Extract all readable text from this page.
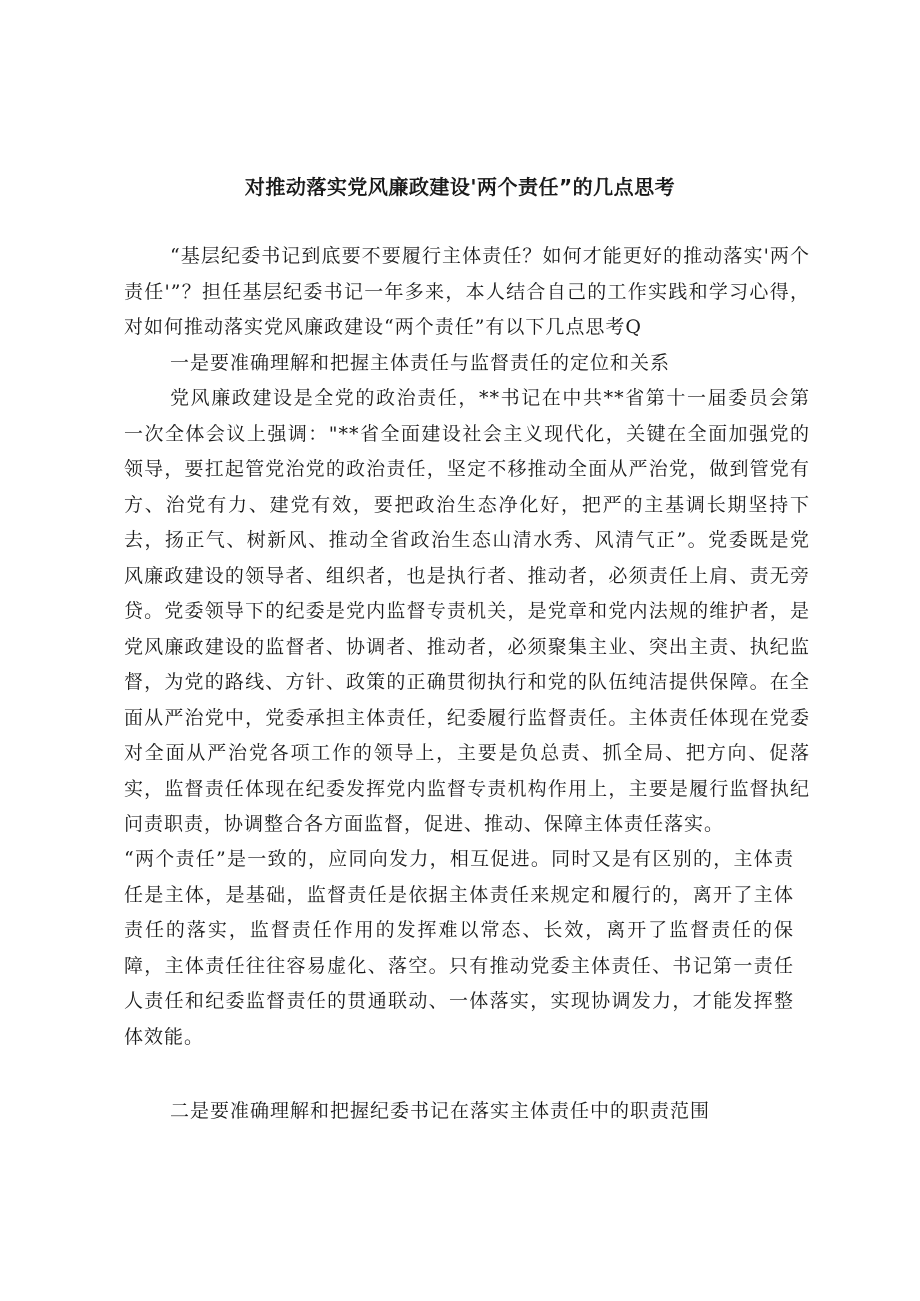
对推动落实党风廉政建设'两个责任”的几点思考

“基层纪委书记到底要不要履行主体责任？如何才能更好的推动落实'两个责任'”？担任基层纪委书记一年多来，本人结合自己的工作实践和学习心得，对如何推动落实党风廉政建设“两个责任”有以下几点思考Q

一是要准确理解和把握主体责任与监督责任的定位和关系

党风廉政建设是全党的政治责任，**书记在中共**省第十一届委员会第一次全体会议上强调："**省全面建设社会主义现代化，关键在全面加强党的领导，要扛起管党治党的政治责任，坚定不移推动全面从严治党，做到管党有方、治党有力、建党有效，要把政治生态净化好，把严的主基调长期坚持下去，扬正气、树新风、推动全省政治生态山清水秀、风清气正”。党委既是党风廉政建设的领导者、组织者，也是执行者、推动者，必须责任上肩、责无旁贷。党委领导下的纪委是党内监督专责机关，是党章和党内法规的维护者，是党风廉政建设的监督者、协调者、推动者，必须聚集主业、突出主责、执纪监督，为党的路线、方针、政策的正确贯彻执行和党的队伍纯洁提供保障。在全面从严治党中，党委承担主体责任，纪委履行监督责任。主体责任体现在党委对全面从严治党各项工作的领导上，主要是负总责、抓全局、把方向、促落实，监督责任体现在纪委发挥党内监督专责机构作用上，主要是履行监督执纪问责职责，协调整合各方面监督，促进、推动、保障主体责任落实。

“两个责任”是一致的，应同向发力，相互促进。同时又是有区别的，主体责任是主体，是基础，监督责任是依据主体责任来规定和履行的，离开了主体责任的落实，监督责任作用的发挥难以常态、长效，离开了监督责任的保障，主体责任往往容易虚化、落空。只有推动党委主体责任、书记第一责任人责任和纪委监督责任的贯通联动、一体落实，实现协调发力，才能发挥整体效能。

二是要准确理解和把握纪委书记在落实主体责任中的职责范围
